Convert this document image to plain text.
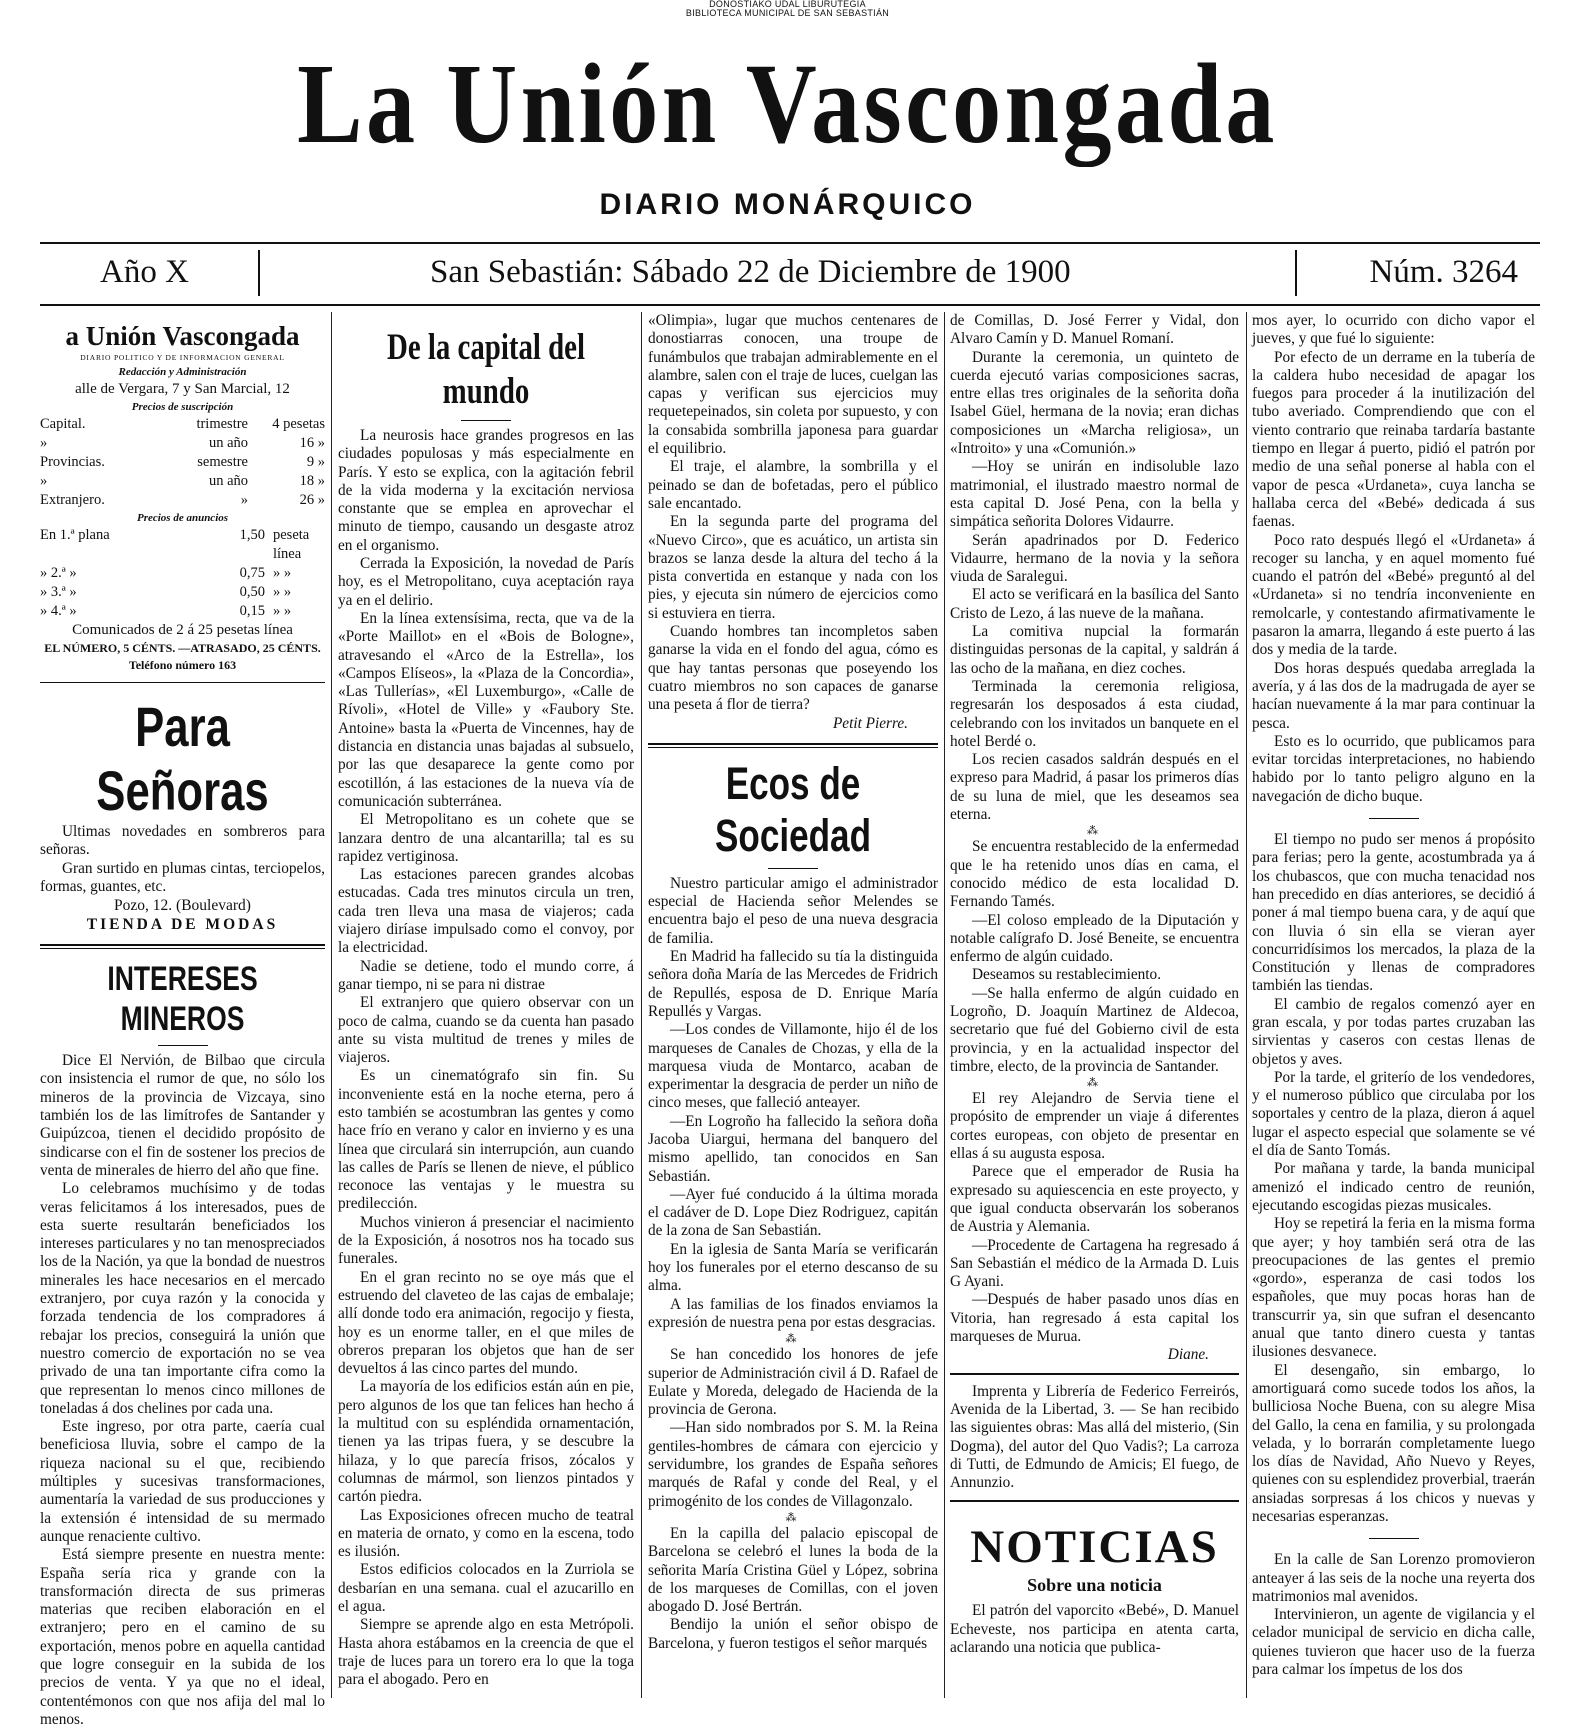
DONOSTIAKO UDAL LIBURUTEGIA
BIBLIOTECA MUNICIPAL DE SAN SEBASTIÁN
La Unión Vascongada
DIARIO MONÁRQUICO
Año X	San Sebastián: Sábado 22 de Diciembre de 1900	Núm. 3264
a Unión Vascongada
DIARIO POLITICO Y DE INFORMACION GENERAL
Redacción y Administración
alle de Vergara, 7 y San Marcial, 12
Precios de suscripción
Capital.	trimestre	4 pesetas
»	un año	16 »
Provincias.	semestre	9 »
»	un año	18 »
Extranjero.	»	26 »
Precios de anuncios
En 1.ª plana	1,50 peseta línea
» 2.ª »	0,75 » »
» 3.ª »	0,50 » »
» 4.ª »	0,15 » »
Comunicados de 2 á 25 pesetas línea
EL NÚMERO, 5 CÉNTS. —ATRASADO, 25 CÉNTS.
Teléfono número 163
Para Señoras

Ultimas novedades en sombreros para señoras.

Gran surtido en plumas cintas, terciopelos, formas, guantes, etc.

Pozo, 12. (Boulevard)
TIENDA DE MODAS
INTERESES MINEROS

Dice El Nervión, de Bilbao que circula con insistencia el rumor de que, no sólo los mineros de la provincia de Vizcaya, sino también los de las limítrofes de Santander y Guipúzcoa, tienen el decidido propósito de sindicarse con el fin de sostener los precios de venta de minerales de hierro del año que fine.

Lo celebramos muchísimo y de todas veras felicitamos á los interesados, pues de esta suerte resultarán beneficiados los intereses particulares y no tan menospreciados los de la Nación, ya que la bondad de nuestros minerales les hace necesarios en el mercado extranjero, por cuya razón y la conocida y forzada tendencia de los compradores á rebajar los precios, conseguirá la unión que nuestro comercio de exportación no se vea privado de una tan importante cifra como la que representan lo menos cinco millones de toneladas á dos chelines por cada una.

Este ingreso, por otra parte, caería cual beneficiosa lluvia, sobre el campo de la riqueza nacional su el que, recibiendo múltiples y sucesivas transformaciones, aumentaría la variedad de sus producciones y la extensión é intensidad de su mermado aunque renaciente cultivo.

Está siempre presente en nuestra mente: España sería rica y grande con la transformación directa de sus primeras materias que reciben elaboración en el extranjero; pero en el camino de su exportación, menos pobre en aquella cantidad que logre conseguir en la subida de los precios de venta. Y ya que no el ideal, contentémonos con que nos afija del mal lo menos.

De la capital del mundo

La neurosis hace grandes progresos en las ciudades populosas y más especialmente en París. Y esto se explica, con la agitación febril de la vida moderna y la excitación nerviosa constante que se emplea en aprovechar el minuto de tiempo, causando un desgaste atroz en el organismo.

Cerrada la Exposición, la novedad de París hoy, es el Metropolitano, cuya aceptación raya ya en el delirio.

En la línea extensísima, recta, que va de la «Porte Maillot» en el «Bois de Bologne», atravesando el «Arco de la Estrella», los «Campos Elíseos», la «Plaza de la Concordia», «Las Tullerías», «El Luxemburgo», «Calle de Rívoli», «Hotel de Ville» y «Faubory Ste. Antoine» basta la «Puerta de Vincennes, hay de distancia en distancia unas bajadas al subsuelo, por las que desaparece la gente como por escotillón, á las estaciones de la nueva vía de comunicación subterránea.

El Metropolitano es un cohete que se lanzara dentro de una alcantarilla; tal es su rapidez vertiginosa.

Las estaciones parecen grandes alcobas estucadas. Cada tres minutos circula un tren, cada tren lleva una masa de viajeros; cada viajero diríase impulsado como el convoy, por la electricidad.

Nadie se detiene, todo el mundo corre, á ganar tiempo, ni se para ni distrae

El extranjero que quiero observar con un poco de calma, cuando se da cuenta han pasado ante su vista multitud de trenes y miles de viajeros.

Es un cinematógrafo sin fin. Su inconveniente está en la noche eterna, pero á esto también se acostumbran las gentes y como hace frío en verano y calor en invierno y es una línea que circulará sin interrupción, aun cuando las calles de París se llenen de nieve, el público reconoce las ventajas y le muestra su predilección.

Muchos vinieron á presenciar el nacimiento de la Exposición, á nosotros nos ha tocado sus funerales.

En el gran recinto no se oye más que el estruendo del claveteo de las cajas de embalaje; allí donde todo era animación, regocijo y fiesta, hoy es un enorme taller, en el que miles de obreros preparan los objetos que han de ser devueltos á las cinco partes del mundo.

La mayoría de los edificios están aún en pie, pero algunos de los que tan felices han hecho á la multitud con su espléndida ornamentación, tienen ya las tripas fuera, y se descubre la hilaza, y lo que parecía frisos, zócalos y columnas de mármol, son lienzos pintados y cartón piedra.

Las Exposiciones ofrecen mucho de teatral en materia de ornato, y como en la escena, todo es ilusión.

Estos edificios colocados en la Zurriola se desbarían en una semana. cual el azucarillo en el agua.

Siempre se aprende algo en esta Metrópoli. Hasta ahora estábamos en la creencia de que el traje de luces para un torero era lo que la toga para el abogado. Pero en

«Olimpia», lugar que muchos centenares de donostiarras conocen, una troupe de funámbulos que trabajan admirablemente en el alambre, salen con el traje de luces, cuelgan las capas y verifican sus ejercicios muy requetepeinados, sin coleta por supuesto, y con la consabida sombrilla japonesa para guardar el equilibrio.

El traje, el alambre, la sombrilla y el peinado se dan de bofetadas, pero el público sale encantado.

En la segunda parte del programa del «Nuevo Circo», que es acuático, un artista sin brazos se lanza desde la altura del techo á la pista convertida en estanque y nada con los pies, y ejecuta sin número de ejercicios como si estuviera en tierra.

Cuando hombres tan incompletos saben ganarse la vida en el fondo del agua, cómo es que hay tantas personas que poseyendo los cuatro miembros no son capaces de ganarse una peseta á flor de tierra?

Petit Pierre.
Ecos de Sociedad

Nuestro particular amigo el administrador especial de Hacienda señor Melendes se encuentra bajo el peso de una nueva desgracia de familia.

En Madrid ha fallecido su tía la distinguida señora doña María de las Mercedes de Fridrich de Repullés, esposa de D. Enrique María Repullés y Vargas.

—Los condes de Villamonte, hijo él de los marqueses de Canales de Chozas, y ella de la marquesa viuda de Montarco, acaban de experimentar la desgracia de perder un niño de cinco meses, que falleció anteayer.

—En Logroño ha fallecido la señora doña Jacoba Uiargui, hermana del banquero del mismo apellido, tan conocidos en San Sebastián.

—Ayer fué conducido á la última morada el cadáver de D. Lope Diez Rodriguez, capitán de la zona de San Sebastián.

En la iglesia de Santa María se verificarán hoy los funerales por el eterno descanso de su alma.

A las familias de los finados enviamos la expresión de nuestra pena por estas desgracias.

⁂

Se han concedido los honores de jefe superior de Administración civil á D. Rafael de Eulate y Moreda, delegado de Hacienda de la provincia de Gerona.

—Han sido nombrados por S. M. la Reina gentiles-hombres de cámara con ejercicio y servidumbre, los grandes de España señores marqués de Rafal y conde del Real, y el primogénito de los condes de Villagonzalo.

⁂

En la capilla del palacio episcopal de Barcelona se celebró el lunes la boda de la señorita María Cristina Güel y López, sobrina de los marqueses de Comillas, con el joven abogado D. José Bertrán.

Bendijo la unión el señor obispo de Barcelona, y fueron testigos el señor marqués

de Comillas, D. José Ferrer y Vidal, don Alvaro Camín y D. Manuel Romaní.

Durante la ceremonia, un quinteto de cuerda ejecutó varias composiciones sacras, entre ellas tres originales de la señorita doña Isabel Güel, hermana de la novia; eran dichas composiciones un «Marcha religiosa», un «Introito» y una «Comunión.»

—Hoy se unirán en indisoluble lazo matrimonial, el ilustrado maestro normal de esta capital D. José Pena, con la bella y simpática señorita Dolores Vidaurre.

Serán apadrinados por D. Federico Vidaurre, hermano de la novia y la señora viuda de Saralegui.

El acto se verificará en la basílica del Santo Cristo de Lezo, á las nueve de la mañana.

La comitiva nupcial la formarán distinguidas personas de la capital, y saldrán á las ocho de la mañana, en diez coches.

Terminada la ceremonia religiosa, regresarán los desposados á esta ciudad, celebrando con los invitados un banquete en el hotel Berdé o.

Los recien casados saldrán después en el expreso para Madrid, á pasar los primeros días de su luna de miel, que les deseamos sea eterna.

⁂

Se encuentra restablecido de la enfermedad que le ha retenido unos días en cama, el conocido médico de esta localidad D. Fernando Tamés.

—El coloso empleado de la Diputación y notable calígrafo D. José Beneite, se encuentra enfermo de algún cuidado.

Deseamos su restablecimiento.

—Se halla enfermo de algún cuidado en Logroño, D. Joaquín Martinez de Aldecoa, secretario que fué del Gobierno civil de esta provincia, y en la actualidad inspector del timbre, electo, de la provincia de Santander.

⁂

El rey Alejandro de Servia tiene el propósito de emprender un viaje á diferentes cortes europeas, con objeto de presentar en ellas á su augusta esposa.

Parece que el emperador de Rusia ha expresado su aquiescencia en este proyecto, y que igual conducta observarán los soberanos de Austria y Alemania.

—Procedente de Cartagena ha regresado á San Sebastián el médico de la Armada D. Luis G Ayani.

—Después de haber pasado unos días en Vitoria, han regresado á esta capital los marqueses de Murua.

Diane.

Imprenta y Librería de Federico Ferreirós, Avenida de la Libertad, 3. — Se han recibido las siguientes obras: Mas allá del misterio, (Sin Dogma), del autor del Quo Vadis?; La carroza di Tutti, de Edmundo de Amicis; El fuego, de Annunzio.

NOTICIAS
Sobre una noticia

El patrón del vaporcito «Bebé», D. Manuel Echeveste, nos participa en atenta carta, aclarando una noticia que publica-

mos ayer, lo ocurrido con dicho vapor el jueves, y que fué lo siguiente:

Por efecto de un derrame en la tubería de la caldera hubo necesidad de apagar los fuegos para proceder á la inutilización del tubo averiado. Comprendiendo que con el viento contrario que reinaba tardaría bastante tiempo en llegar á puerto, pidió el patrón por medio de una señal ponerse al habla con el vapor de pesca «Urdaneta», cuya lancha se hallaba cerca del «Bebé» dedicada á sus faenas.

Poco rato después llegó el «Urdaneta» á recoger su lancha, y en aquel momento fué cuando el patrón del «Bebé» preguntó al del «Urdaneta» si no tendría inconveniente en remolcarle, y contestando afirmativamente le pasaron la amarra, llegando á este puerto á las dos y media de la tarde.

Dos horas después quedaba arreglada la avería, y á las dos de la madrugada de ayer se hacían nuevamente á la mar para continuar la pesca.

Esto es lo ocurrido, que publicamos para evitar torcidas interpretaciones, no habiendo habido por lo tanto peligro alguno en la navegación de dicho buque.

El tiempo no pudo ser menos á propósito para ferias; pero la gente, acostumbrada ya á los chubascos, que con mucha tenacidad nos han precedido en días anteriores, se decidió á poner á mal tiempo buena cara, y de aquí que con lluvia ó sin ella se vieran ayer concurridísimos los mercados, la plaza de la Constitución y llenas de compradores también las tiendas.

El cambio de regalos comenzó ayer en gran escala, y por todas partes cruzaban las sirvientas y caseros con cestas llenas de objetos y aves.

Por la tarde, el griterío de los vendedores, y el numeroso público que circulaba por los soportales y centro de la plaza, dieron á aquel lugar el aspecto especial que solamente se vé el día de Santo Tomás.

Por mañana y tarde, la banda municipal amenizó el indicado centro de reunión, ejecutando escogidas piezas musicales.

Hoy se repetirá la feria en la misma forma que ayer; y hoy también será otra de las preocupaciones de las gentes el premio «gordo», esperanza de casi todos los españoles, que muy pocas horas han de transcurrir ya, sin que sufran el desencanto anual que tanto dinero cuesta y tantas ilusiones desvanece.

El desengaño, sin embargo, lo amortiguará como sucede todos los años, la bulliciosa Noche Buena, con su alegre Misa del Gallo, la cena en familia, y su prolongada velada, y lo borrarán completamente luego los días de Navidad, Año Nuevo y Reyes, quienes con su esplendidez proverbial, traerán ansiadas sorpresas á los chicos y nuevas y necesarias esperanzas.

En la calle de San Lorenzo promovieron anteayer á las seis de la noche una reyerta dos matrimonios mal avenidos.

Intervinieron, un agente de vigilancia y el celador municipal de servicio en dicha calle, quienes tuvieron que hacer uso de la fuerza para calmar los ímpetus de los dos
